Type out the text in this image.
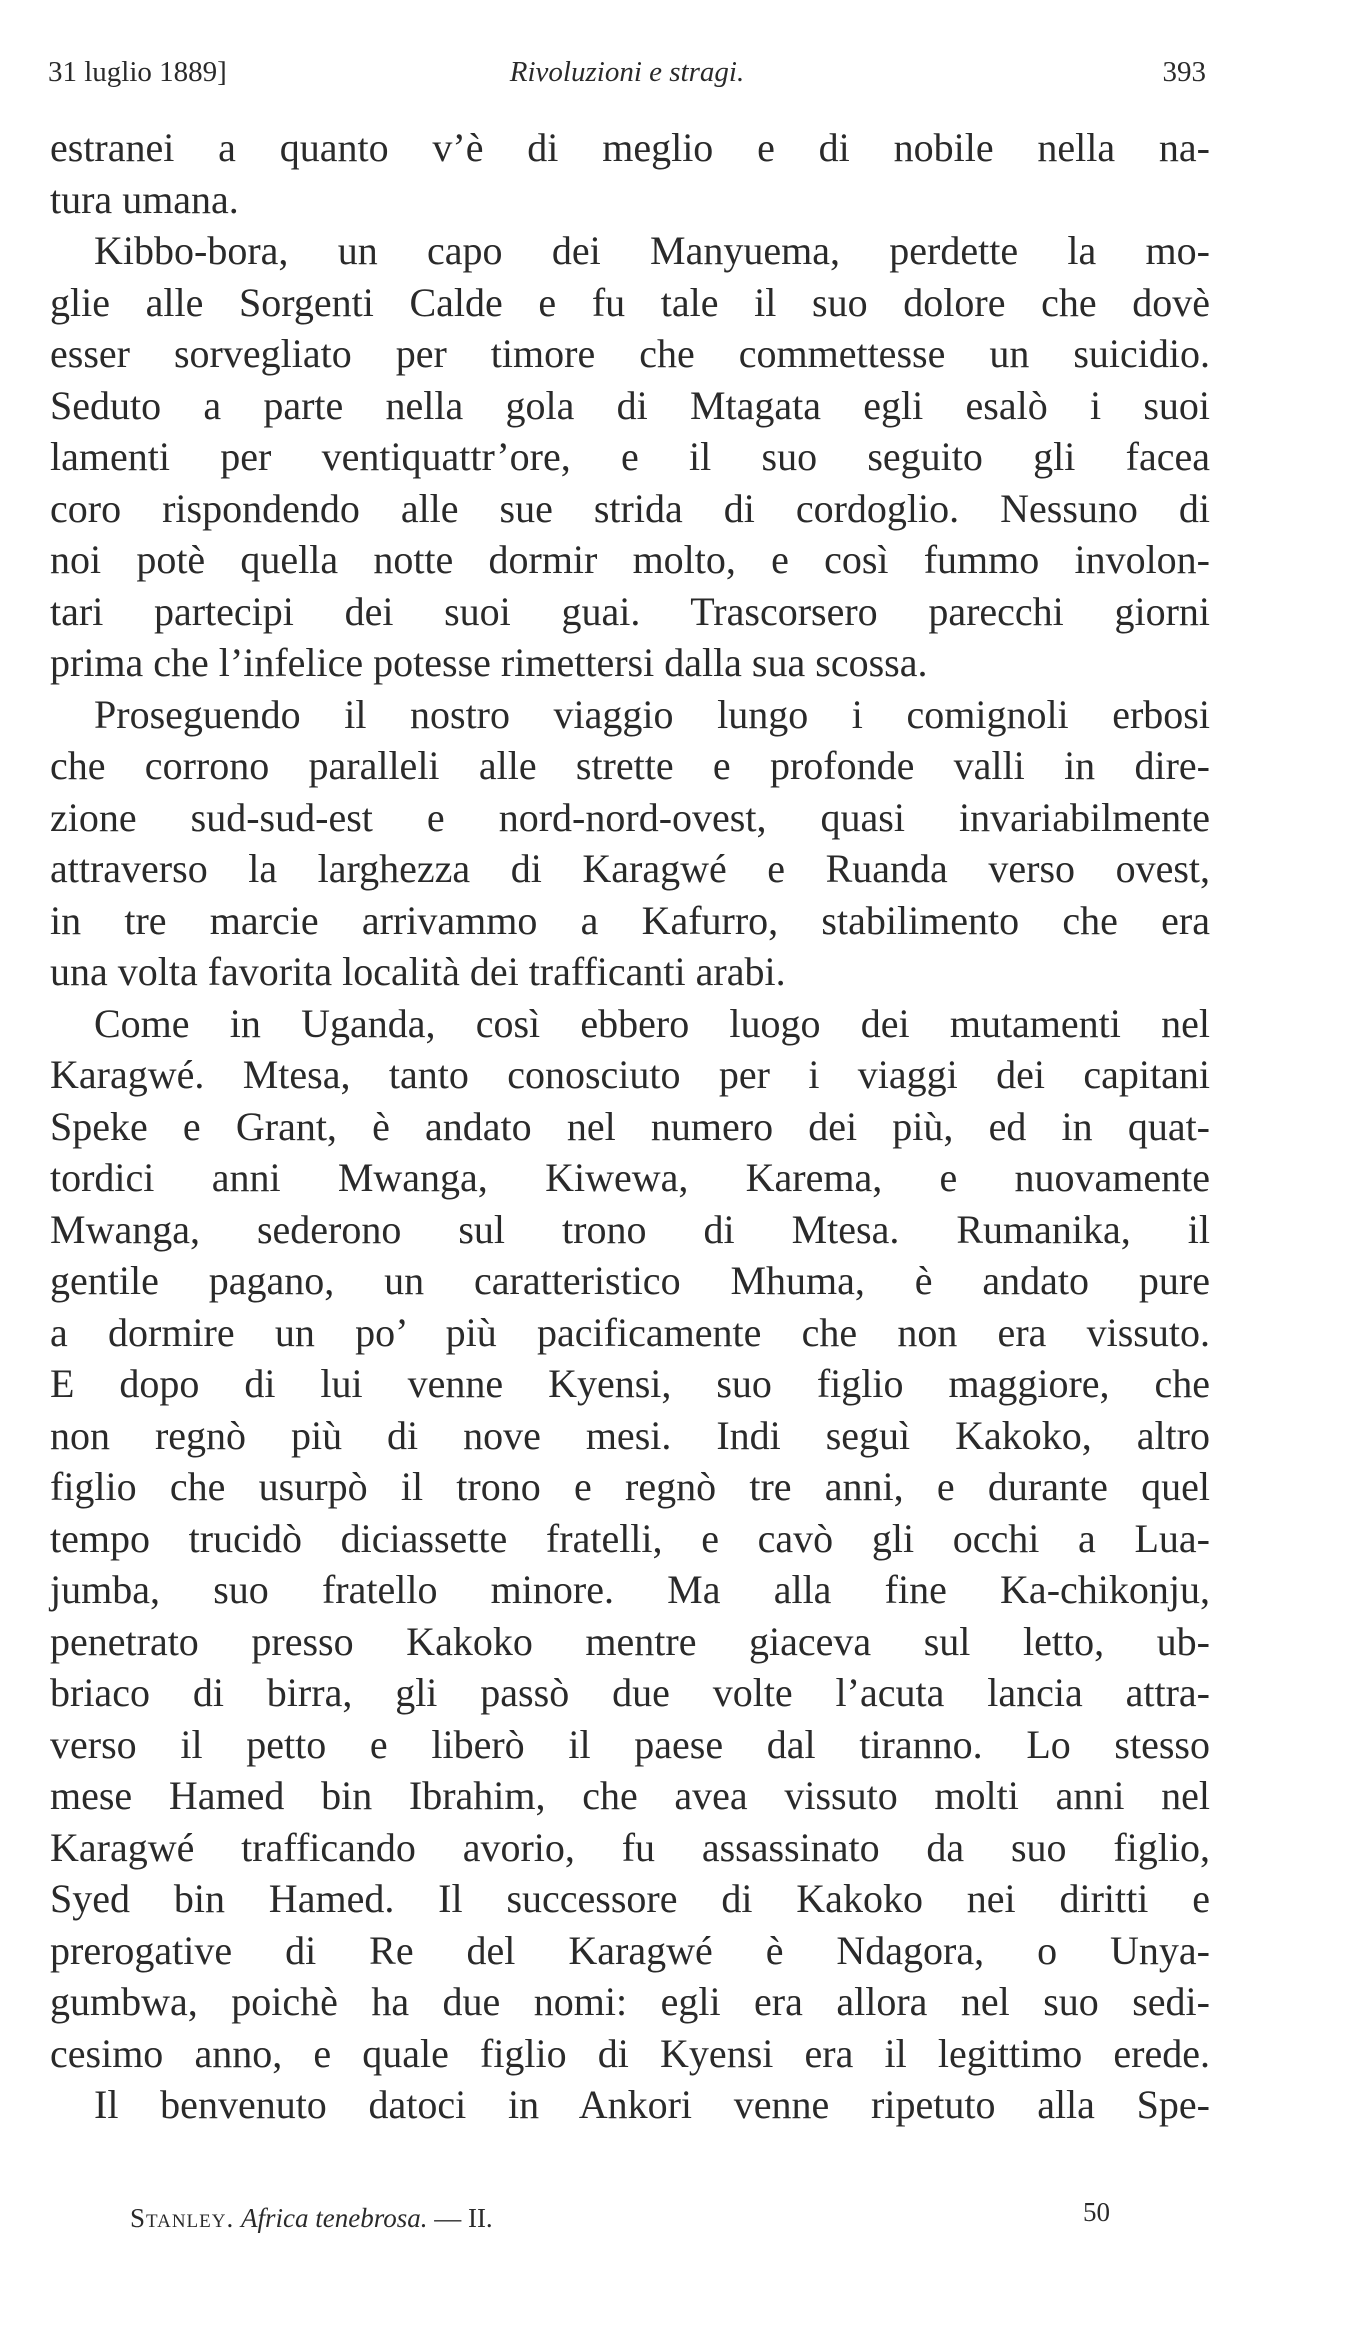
31 luglio 1889]	Rivoluzioni e stragi.	393
estranei a quanto v’è di meglio e di nobile nella na-
tura umana.
Kibbo-bora, un capo dei Manyuema, perdette la mo-
glie alle Sorgenti Calde e fu tale il suo dolore che dovè
esser sorvegliato per timore che commettesse un suicidio.
Seduto a parte nella gola di Mtagata egli esalò i suoi
lamenti per ventiquattr’ore, e il suo seguito gli facea
coro rispondendo alle sue strida di cordoglio. Nessuno di
noi potè quella notte dormir molto, e così fummo involon-
tari partecipi dei suoi guai. Trascorsero parecchi giorni
prima che l’infelice potesse rimettersi dalla sua scossa.
Proseguendo il nostro viaggio lungo i comignoli erbosi
che corrono paralleli alle strette e profonde valli in dire-
zione sud-sud-est e nord-nord-ovest, quasi invariabilmente
attraverso la larghezza di Karagwé e Ruanda verso ovest,
in tre marcie arrivammo a Kafurro, stabilimento che era
una volta favorita località dei trafficanti arabi.
Come in Uganda, così ebbero luogo dei mutamenti nel
Karagwé. Mtesa, tanto conosciuto per i viaggi dei capitani
Speke e Grant, è andato nel numero dei più, ed in quat-
tordici anni Mwanga, Kiwewa, Karema, e nuovamente
Mwanga, sederono sul trono di Mtesa. Rumanika, il
gentile pagano, un caratteristico Mhuma, è andato pure
a dormire un po’ più pacificamente che non era vissuto.
E dopo di lui venne Kyensi, suo figlio maggiore, che
non regnò più di nove mesi. Indi seguì Kakoko, altro
figlio che usurpò il trono e regnò tre anni, e durante quel
tempo trucidò diciassette fratelli, e cavò gli occhi a Lua-
jumba, suo fratello minore. Ma alla fine Ka-chikonju,
penetrato presso Kakoko mentre giaceva sul letto, ub-
briaco di birra, gli passò due volte l’acuta lancia attra-
verso il petto e liberò il paese dal tiranno. Lo stesso
mese Hamed bin Ibrahim, che avea vissuto molti anni nel
Karagwé trafficando avorio, fu assassinato da suo figlio,
Syed bin Hamed. Il successore di Kakoko nei diritti e
prerogative di Re del Karagwé è Ndagora, o Unya-
gumbwa, poichè ha due nomi: egli era allora nel suo sedi-
cesimo anno, e quale figlio di Kyensi era il legittimo erede.
Il benvenuto datoci in Ankori venne ripetuto alla Spe-
Stanley. Africa tenebrosa. — II.	50
